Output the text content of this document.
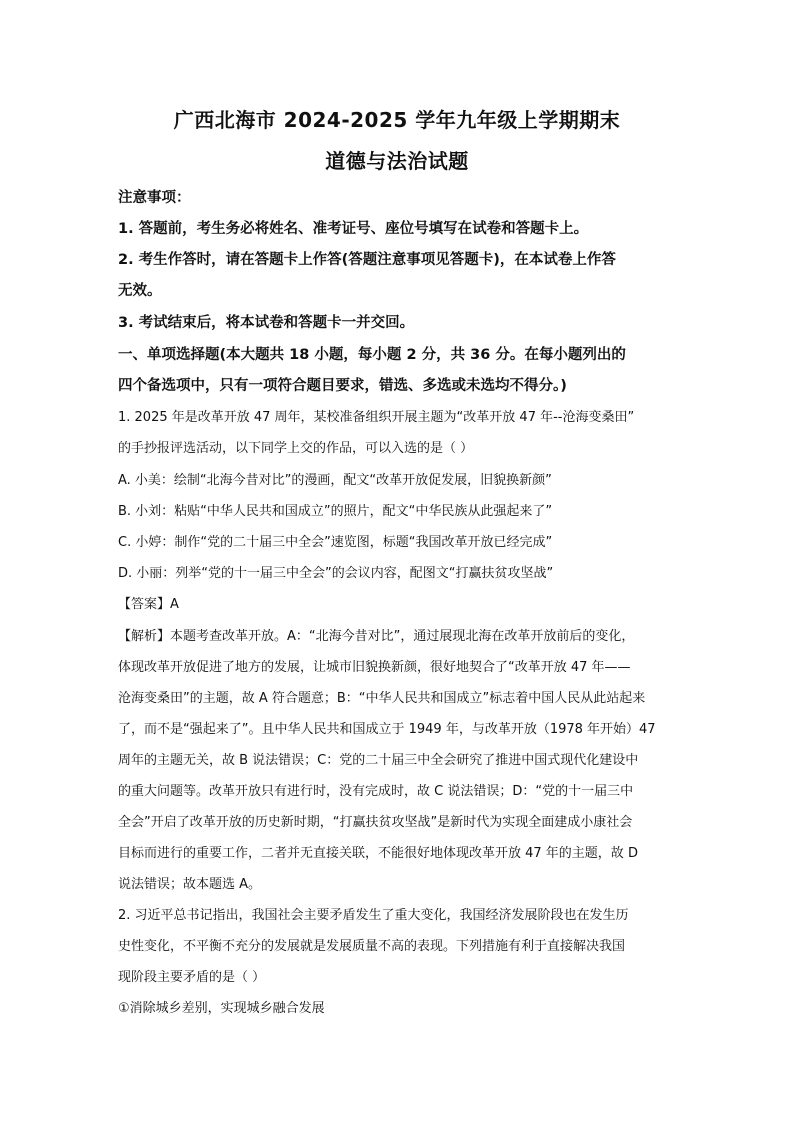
广西北海市 2024-2025 学年九年级上学期期末
道德与法治试题
注意事项：
1. 答题前，考生务必将姓名、准考证号、座位号填写在试卷和答题卡上。
2. 考生作答时，请在答题卡上作答(答题注意事项见答题卡)，在本试卷上作答
无效。
3. 考试结束后，将本试卷和答题卡一并交回。
一、单项选择题(本大题共 18 小题，每小题 2 分，共 36 分。在每小题列出的
四个备选项中，只有一项符合题目要求，错选、多选或未选均不得分。)
1. 2025 年是改革开放 47 周年，某校准备组织开展主题为“改革开放 47 年--沧海变桑田”
的手抄报评选活动，以下同学上交的作品，可以入选的是（ ）
A. 小美：绘制“北海今昔对比”的漫画，配文“改革开放促发展，旧貌换新颜”
B. 小刘：粘贴“中华人民共和国成立”的照片，配文“中华民族从此强起来了”
C. 小婷：制作“党的二十届三中全会”速览图，标题“我国改革开放已经完成”
D. 小丽：列举“党的十一届三中全会”的会议内容，配图文“打赢扶贫攻坚战”
【答案】A
【解析】本题考查改革开放。A：“北海今昔对比”，通过展现北海在改革开放前后的变化，
体现改革开放促进了地方的发展，让城市旧貌换新颜，很好地契合了“改革开放 47 年——
沧海变桑田”的主题，故 A 符合题意；B：“中华人民共和国成立”标志着中国人民从此站起来
了，而不是“强起来了”。且中华人民共和国成立于 1949 年，与改革开放（1978 年开始）47
周年的主题无关，故 B 说法错误；C：党的二十届三中全会研究了推进中国式现代化建设中
的重大问题等。改革开放只有进行时，没有完成时，故 C 说法错误；D：“党的十一届三中
全会”开启了改革开放的历史新时期，“打赢扶贫攻坚战”是新时代为实现全面建成小康社会
目标而进行的重要工作，二者并无直接关联，不能很好地体现改革开放 47 年的主题，故 D
说法错误；故本题选 A。
2. 习近平总书记指出，我国社会主要矛盾发生了重大变化，我国经济发展阶段也在发生历
史性变化，不平衡不充分的发展就是发展质量不高的表现。下列措施有利于直接解决我国
现阶段主要矛盾的是（ ）
①消除城乡差别，实现城乡融合发展
